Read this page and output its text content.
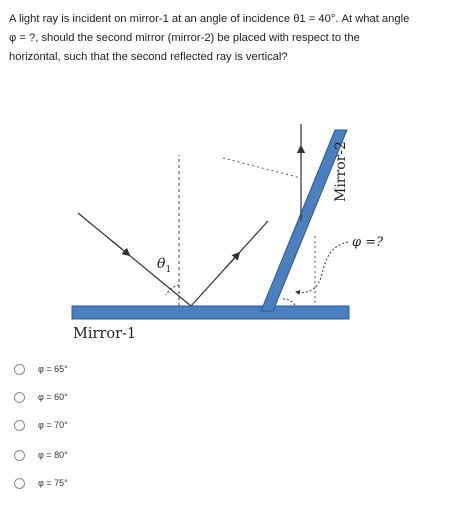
A light ray is incident on mirror-1 at an angle of incidence θ1 = 40°. At what angle
φ = ?, should the second mirror (mirror-2) be placed with respect to the
horizontal, such that the second reflected ray is vertical?
$\theta_1$
φ =?
Mirror-2
Mirror-1
φ = 65°
φ = 60°
φ = 70°
φ = 80°
φ = 75°
